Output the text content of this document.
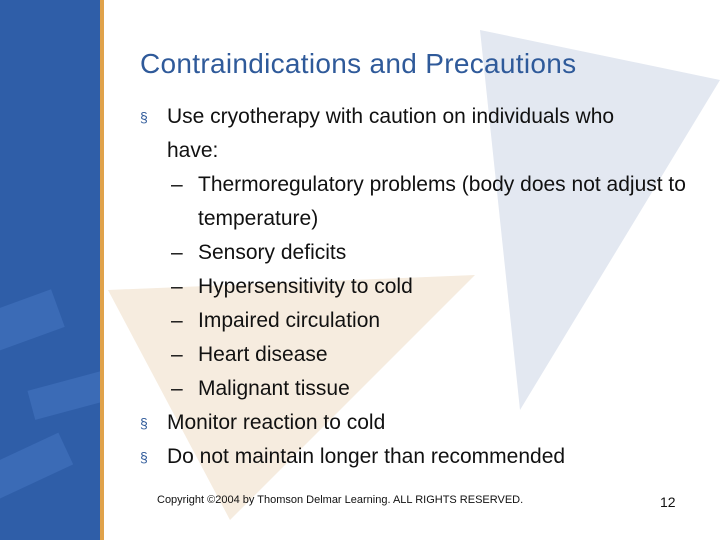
Contraindications and Precautions
§ Use cryotherapy with caution on individuals who
have:
– Thermoregulatory problems (body does not adjust to temperature)
– Sensory deficits
– Hypersensitivity to cold
– Impaired circulation
– Heart disease
– Malignant tissue
§ Monitor reaction to cold
§ Do not maintain longer than recommended
Copyright ©2004 by Thomson Delmar Learning. ALL RIGHTS RESERVED.	12
